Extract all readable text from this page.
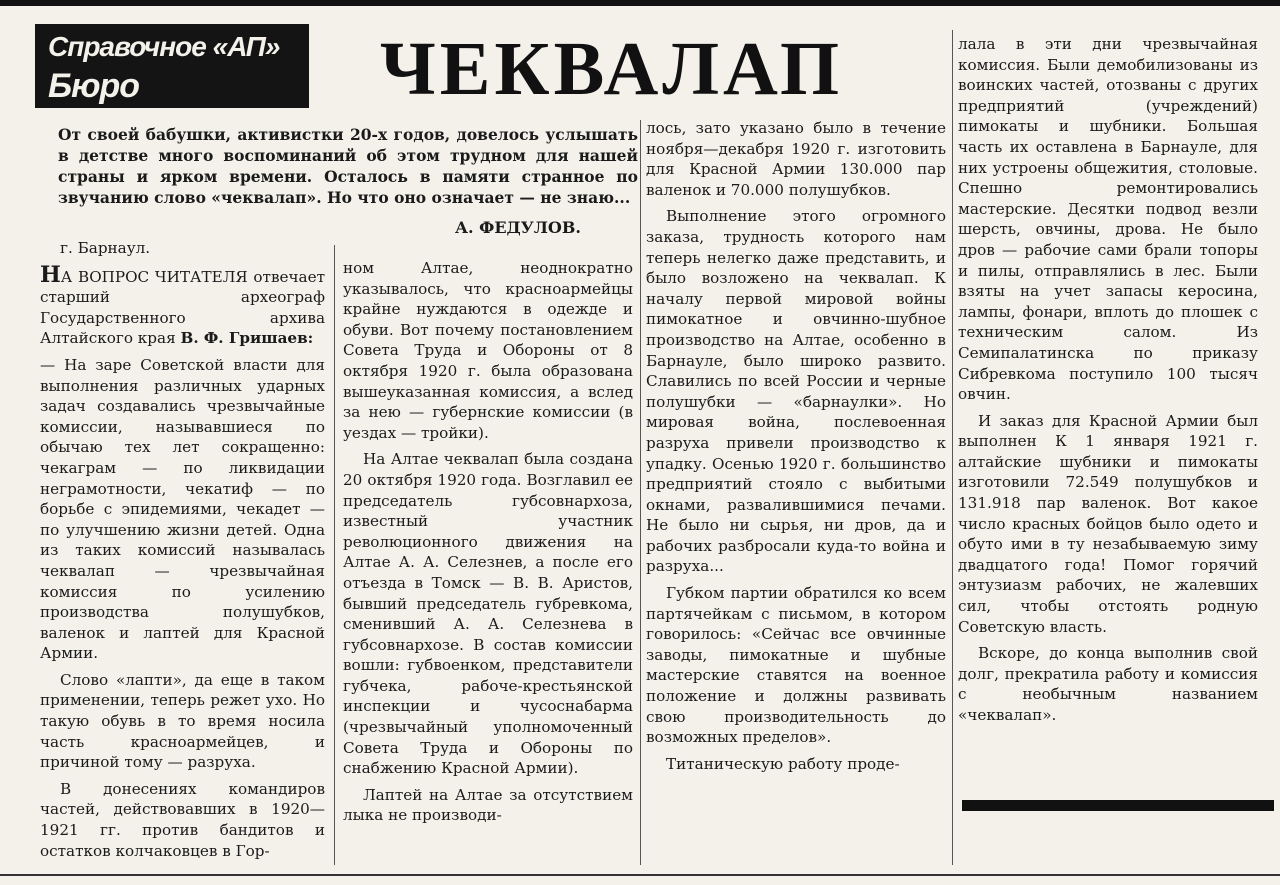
Справочное «АП»
Бюро	ЧЕКВАЛАП
От своей бабушки, активистки 20-х годов, довелось услышать в детстве много воспоминаний об этом трудном для нашей страны и ярком времени. Осталось в памяти странное по звучанию слово «чеквалап». Но что оно означает — не знаю...
А. ФЕДУЛОВ.

г. Барнаул.

НА ВОПРОС ЧИТАТЕЛЯ отвечает старший археограф Государственного архива Алтайского края В. Ф. Гришаев:

— На заре Советской власти для выполнения различных ударных задач создавались чрезвычайные комиссии, называвшиеся по обычаю тех лет сокращенно: чекаграм — по ликвидации неграмотности, чекатиф — по борьбе с эпидемиями, чекадет — по улучшению жизни детей. Одна из таких комиссий называлась чеквалап — чрезвычайная комиссия по усилению производства полушубков, валенок и лаптей для Красной Армии.

Слово «лапти», да еще в таком применении, теперь режет ухо. Но такую обувь в то время носила часть красноармейцев, и причиной тому — разруха.

В донесениях командиров частей, действовавших в 1920—1921 гг. против бандитов и остатков колчаковцев в Гор-

ном Алтае, неоднократно указывалось, что красноармейцы крайне нуждаются в одежде и обуви. Вот почему постановлением Совета Труда и Обороны от 8 октября 1920 г. была образована вышеуказанная комиссия, а вслед за нею — губернские комиссии (в уездах — тройки).

На Алтае чеквалап была создана 20 октября 1920 года. Возглавил ее председатель губсовнархоза, известный участник революционного движения на Алтае А. А. Селезнев, а после его отъезда в Томск — В. В. Аристов, бывший председатель губревкома, сменивший А. А. Селезнева в губсовнархозе. В состав комиссии вошли: губвоенком, представители губчека, рабоче-крестьянской инспекции и чусоснабарма (чрезвычайный уполномоченный Совета Труда и Обороны по снабжению Красной Армии).

Лаптей на Алтае за отсутствием лыка не производи-

лось, зато указано было в течение ноября—декабря 1920 г. изготовить для Красной Армии 130.000 пар валенок и 70.000 полушубков.

Выполнение этого огромного заказа, трудность которого нам теперь нелегко даже представить, и было возложено на чеквалап. К началу первой мировой войны пимокатное и овчинно-шубное производство на Алтае, особенно в Барнауле, было широко развито. Славились по всей России и черные полушубки — «барнаулки». Но мировая война, послевоенная разруха привели производство к упадку. Осенью 1920 г. большинство предприятий стояло с выбитыми окнами, развалившимися печами. Не было ни сырья, ни дров, да и рабочих разбросали куда-то война и разруха...

Губком партии обратился ко всем партячейкам с письмом, в котором говорилось: «Сейчас все овчинные заводы, пимокатные и шубные мастерские ставятся на военное положение и должны развивать свою производительность до возможных пределов».

Титаническую работу проде-

лала в эти дни чрезвычайная комиссия. Были демобилизованы из воинских частей, отозваны с других предприятий (учреждений) пимокаты и шубники. Большая часть их оставлена в Барнауле, для них устроены общежития, столовые. Спешно ремонтировались мастерские. Десятки подвод везли шерсть, овчины, дрова. Не было дров — рабочие сами брали топоры и пилы, отправлялись в лес. Были взяты на учет запасы керосина, лампы, фонари, вплоть до плошек с техническим салом. Из Семипалатинска по приказу Сибревкома поступило 100 тысяч овчин.

И заказ для Красной Армии был выполнен К 1 января 1921 г. алтайские шубники и пимокаты изготовили 72.549 полушубков и 131.918 пар валенок. Вот какое число красных бойцов было одето и обуто ими в ту незабываемую зиму двадцатого года! Помог горячий энтузиазм рабочих, не жалевших сил, чтобы отстоять родную Советскую власть.

Вскоре, до конца выполнив свой долг, прекратила работу и комиссия с необычным названием «чеквалап».
